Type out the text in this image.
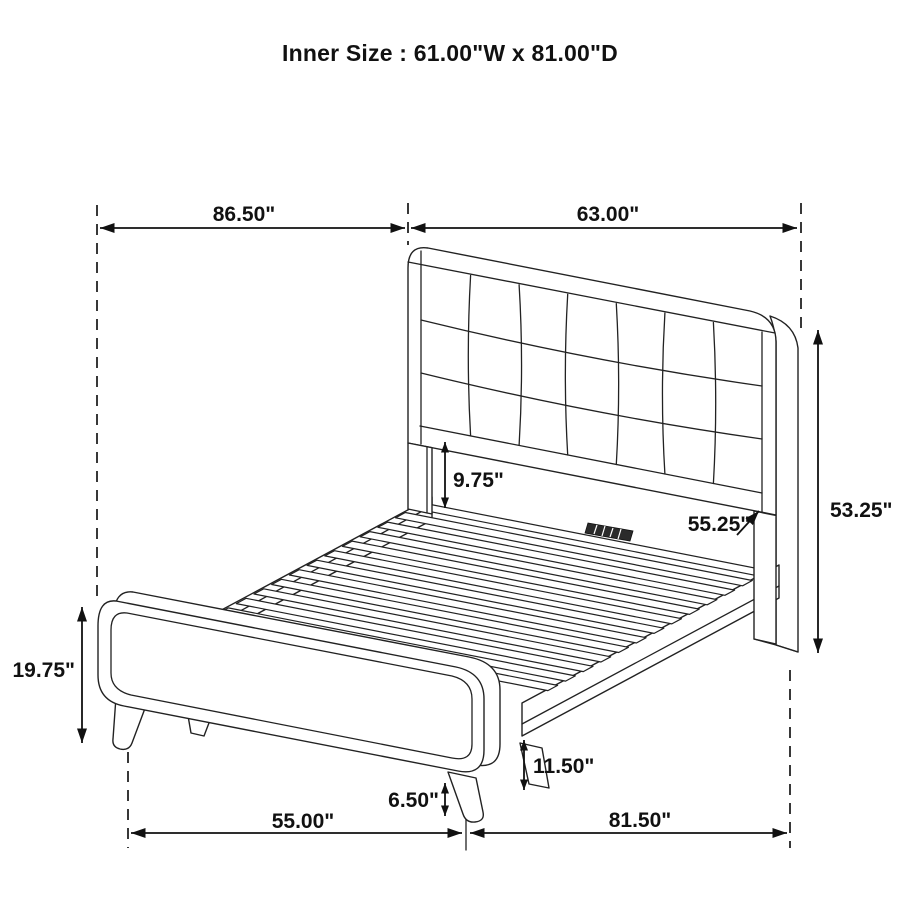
86.50"	63.00"
53.25"
19.75"
9.75"
55.25"
11.50"
6.50"
55.00"	81.50"
Inner Size : 61.00"W x 81.00"D
